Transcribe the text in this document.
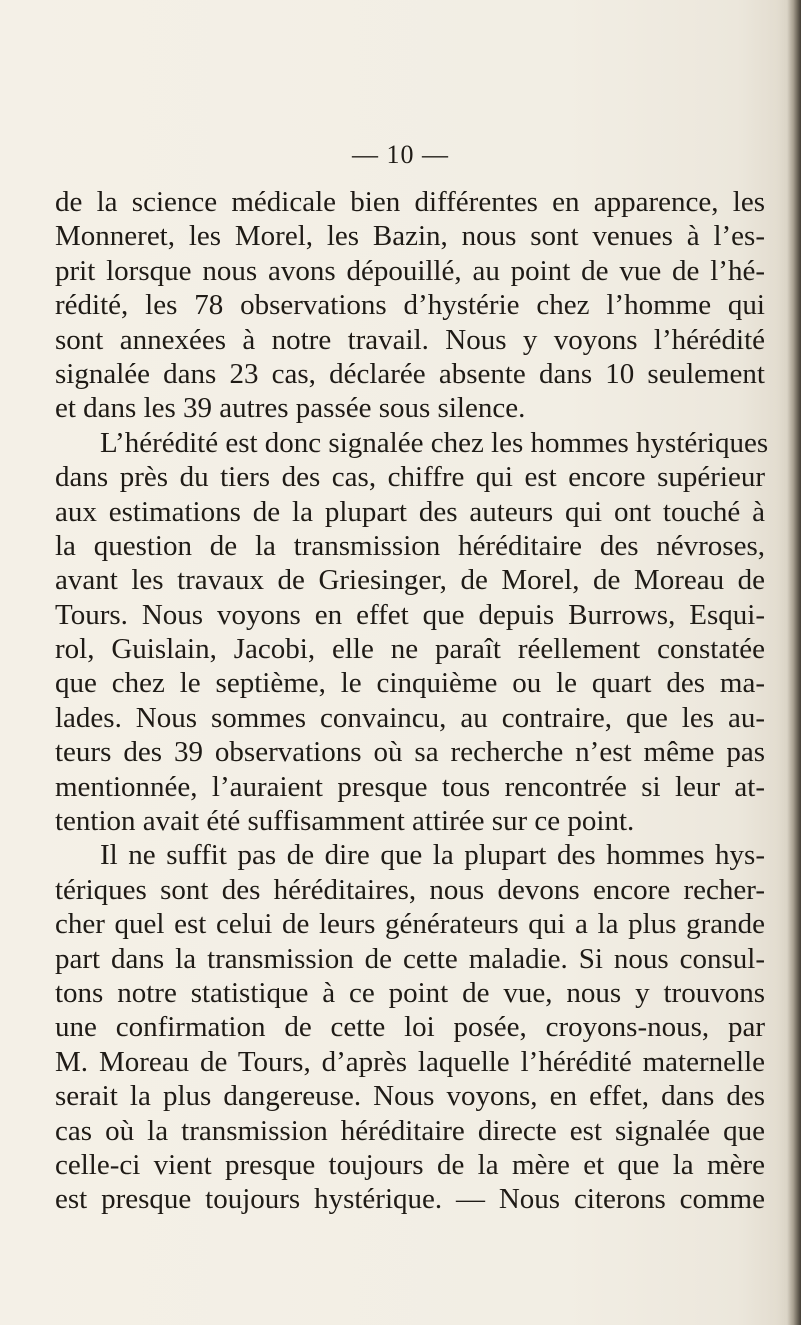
— 10 —
de la science médicale bien différentes en apparence, les
Monneret, les Morel, les Bazin, nous sont venues à l’es-
prit lorsque nous avons dépouillé, au point de vue de l’hé-
rédité, les 78 observations d’hystérie chez l’homme qui
sont annexées à notre travail. Nous y voyons l’hérédité
signalée dans 23 cas, déclarée absente dans 10 seulement
et dans les 39 autres passée sous silence.
L’hérédité est donc signalée chez les hommes hystériques
dans près du tiers des cas, chiffre qui est encore supérieur
aux estimations de la plupart des auteurs qui ont touché à
la question de la transmission héréditaire des névroses,
avant les travaux de Griesinger, de Morel, de Moreau de
Tours. Nous voyons en effet que depuis Burrows, Esqui-
rol, Guislain, Jacobi, elle ne paraît réellement constatée
que chez le septième, le cinquième ou le quart des ma-
lades. Nous sommes convaincu, au contraire, que les au-
teurs des 39 observations où sa recherche n’est même pas
mentionnée, l’auraient presque tous rencontrée si leur at-
tention avait été suffisamment attirée sur ce point.
Il ne suffit pas de dire que la plupart des hommes hys-
tériques sont des héréditaires, nous devons encore recher-
cher quel est celui de leurs générateurs qui a la plus grande
part dans la transmission de cette maladie. Si nous consul-
tons notre statistique à ce point de vue, nous y trouvons
une confirmation de cette loi posée, croyons-nous, par
M. Moreau de Tours, d’après laquelle l’hérédité maternelle
serait la plus dangereuse. Nous voyons, en effet, dans des
cas où la transmission héréditaire directe est signalée que
celle-ci vient presque toujours de la mère et que la mère
est presque toujours hystérique. — Nous citerons comme
